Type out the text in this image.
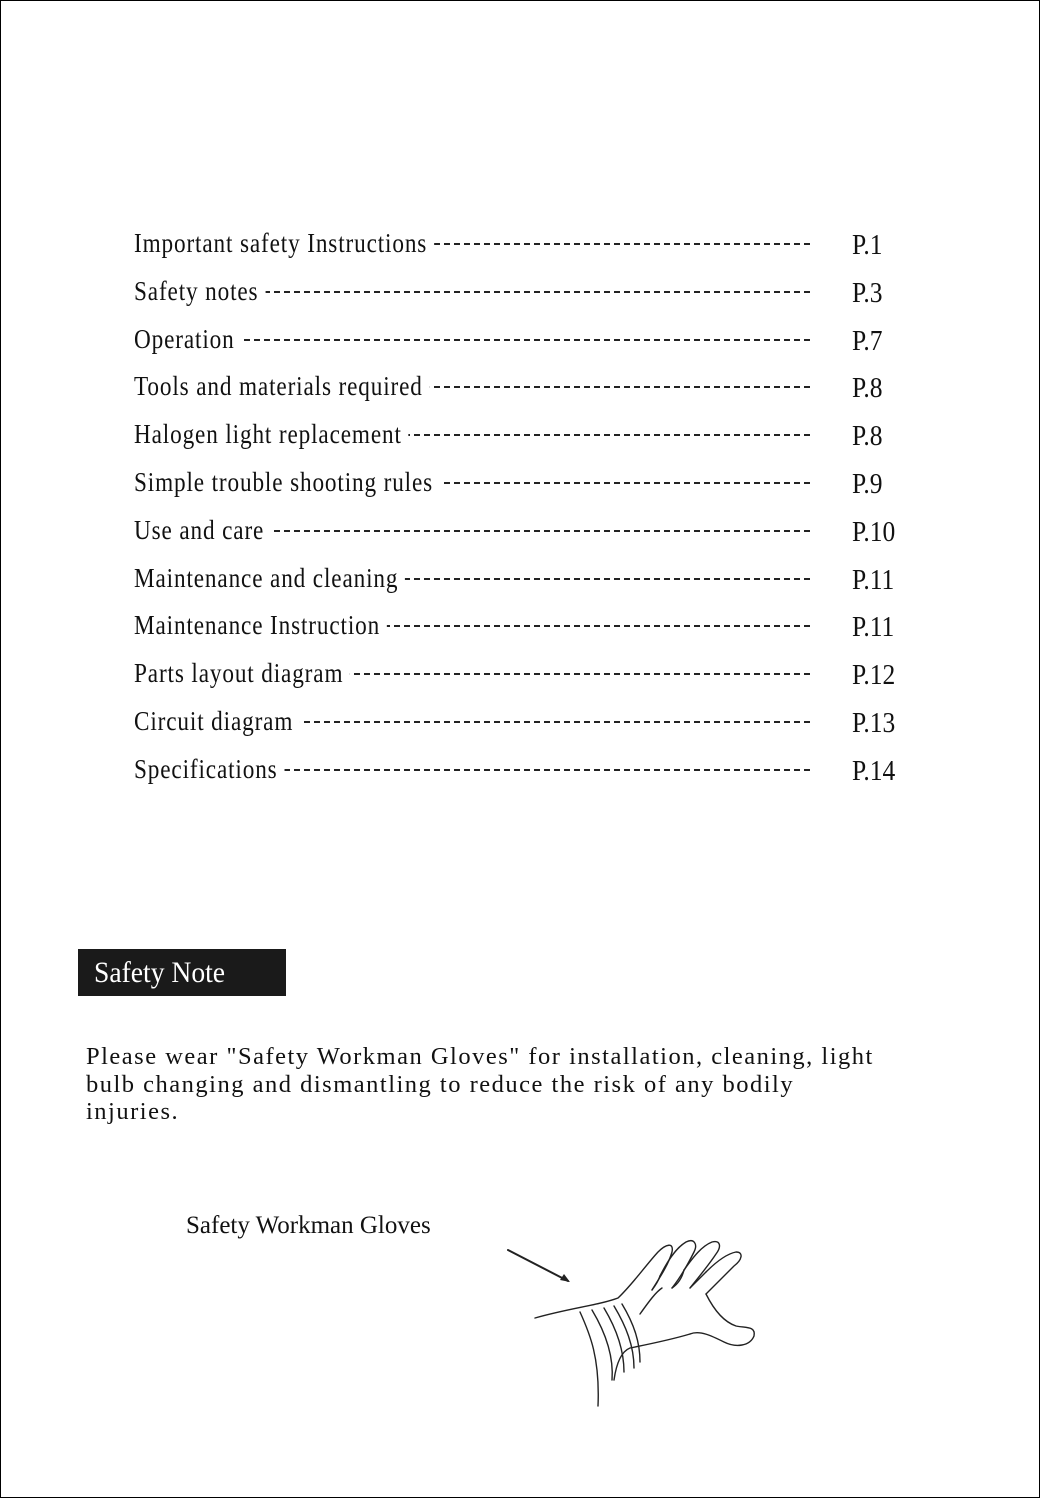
Important safety Instructions	P.1
Safety notes	P.3
Operation	P.7
Tools and materials required	P.8
Halogen light replacement	P.8
Simple trouble shooting rules	P.9
Use and care	P.10
Maintenance and cleaning	P.11
Maintenance Instruction	P.11
Parts layout diagram	P.12
Circuit diagram	P.13
Specifications	P.14
Safety Note

Please wear "Safety Workman Gloves" for installation, cleaning, light bulb changing and dismantling to reduce the risk of any bodily injuries.

Safety Workman Gloves
